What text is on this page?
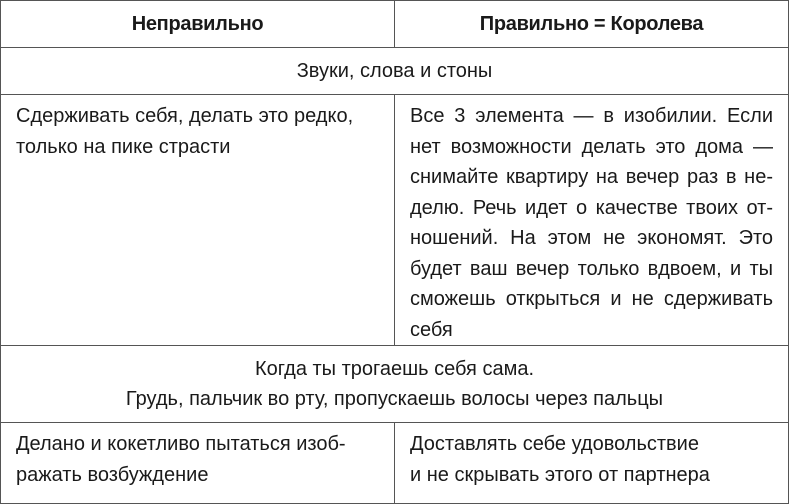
Неправильно	Правильно = Королева

Звуки, слова и стоны

Сдерживать себя, делать это редко,
только на пике страсти

Все 3 элемента — в изобилии. Если
нет возможности делать это дома —
снимайте квартиру на вечер раз в не-
делю. Речь идет о качестве твоих от-
ношений. На этом не экономят. Это
будет ваш вечер только вдвоем, и ты
сможешь открыться и не сдерживать
себя

Когда ты трогаешь себя сама.
Грудь, пальчик во рту, пропускаешь волосы через пальцы

Делано и кокетливо пытаться изоб-
ражать возбуждение

Доставлять себе удовольствие
и не скрывать этого от партнера
